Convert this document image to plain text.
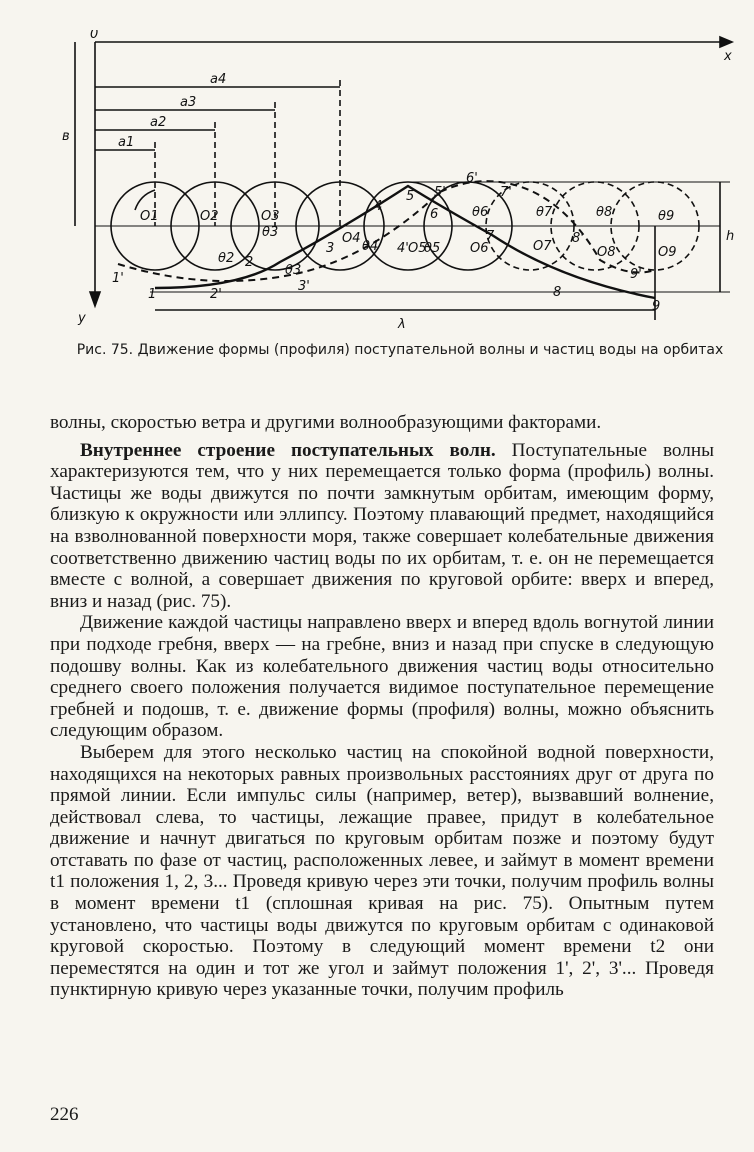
0
x
y
в
λ
h
a1
a2
a3
a4
O1	O2	O3
O4
O5	O6	O7	O8	O9
1
2
3
4
5
6
7
8
9
1'
2'
3'
4'
5'
6'
7'
8'
9'
θ2
θ3
θ3
θ4	θ5
θ6	θ7	θ8	θ9
Рис. 75. Движение формы (профиля) поступательной волны и частиц воды на орбитах

волны, скоростью ветра и другими волнообразующими факторами.

Внутреннее строение поступательных волн. Поступательные волны характеризуются тем, что у них перемещается только форма (профиль) волны. Частицы же воды движутся по почти замкнутым орбитам, имеющим форму, близкую к окружности или эллипсу. Поэтому плавающий предмет, находящийся на взволнованной поверхности моря, также совершает колебательные движения соответственно движению частиц воды по их орбитам, т. е. он не перемещается вместе с волной, а совершает движения по круговой орбите: вверх и вперед, вниз и назад (рис. 75).

Движение каждой частицы направлено вверх и вперед вдоль вогнутой линии при подходе гребня, вверх — на гребне, вниз и назад при спуске в следующую подошву волны. Как из колебательного движения частиц воды относительно среднего своего положения получается видимое поступательное перемещение гребней и подошв, т. е. движение формы (профиля) волны, можно объяснить следующим образом.

Выберем для этого несколько частиц на спокойной водной поверхности, находящихся на некоторых равных произвольных расстояниях друг от друга по прямой линии. Если импульс силы (например, ветер), вызвавший волнение, действовал слева, то частицы, лежащие правее, придут в колебательное движение и начнут двигаться по круговым орбитам позже и поэтому будут отставать по фазе от частиц, расположенных левее, и займут в момент времени t1 положения 1, 2, 3... Проведя кривую через эти точки, получим профиль волны в момент времени t1 (сплошная кривая на рис. 75). Опытным путем установлено, что частицы воды движутся по круговым орбитам с одинаковой круговой скоростью. Поэтому в следующий момент времени t2 они переместятся на один и тот же угол и займут положения 1', 2', 3'... Проведя пунктирную кривую через указанные точки, получим профиль

226
